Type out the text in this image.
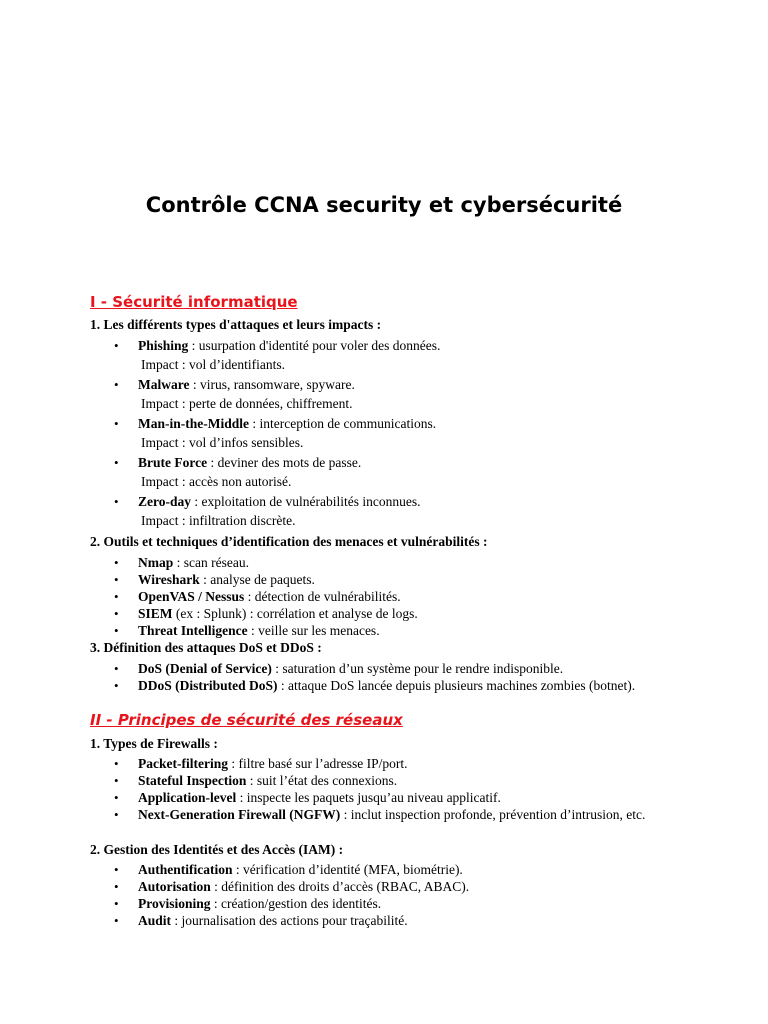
Contrôle CCNA security et cybersécurité
I - Sécurité informatique
1. Les différents types d'attaques et leurs impacts :
• Phishing : usurpation d'identité pour voler des données.
Impact : vol d’identifiants.
• Malware : virus, ransomware, spyware.
Impact : perte de données, chiffrement.
• Man-in-the-Middle : interception de communications.
Impact : vol d’infos sensibles.
• Brute Force : deviner des mots de passe.
Impact : accès non autorisé.
• Zero-day : exploitation de vulnérabilités inconnues.
Impact : infiltration discrète.
2. Outils et techniques d’identification des menaces et vulnérabilités :
• Nmap : scan réseau.
• Wireshark : analyse de paquets.
• OpenVAS / Nessus : détection de vulnérabilités.
• SIEM (ex : Splunk) : corrélation et analyse de logs.
• Threat Intelligence : veille sur les menaces.
3. Définition des attaques DoS et DDoS :
• DoS (Denial of Service) : saturation d’un système pour le rendre indisponible.
• DDoS (Distributed DoS) : attaque DoS lancée depuis plusieurs machines zombies (botnet).
II - Principes de sécurité des réseaux
1. Types de Firewalls :
• Packet-filtering : filtre basé sur l’adresse IP/port.
• Stateful Inspection : suit l’état des connexions.
• Application-level : inspecte les paquets jusqu’au niveau applicatif.
• Next-Generation Firewall (NGFW) : inclut inspection profonde, prévention d’intrusion, etc.
2. Gestion des Identités et des Accès (IAM) :
• Authentification : vérification d’identité (MFA, biométrie).
• Autorisation : définition des droits d’accès (RBAC, ABAC).
• Provisioning : création/gestion des identités.
• Audit : journalisation des actions pour traçabilité.
